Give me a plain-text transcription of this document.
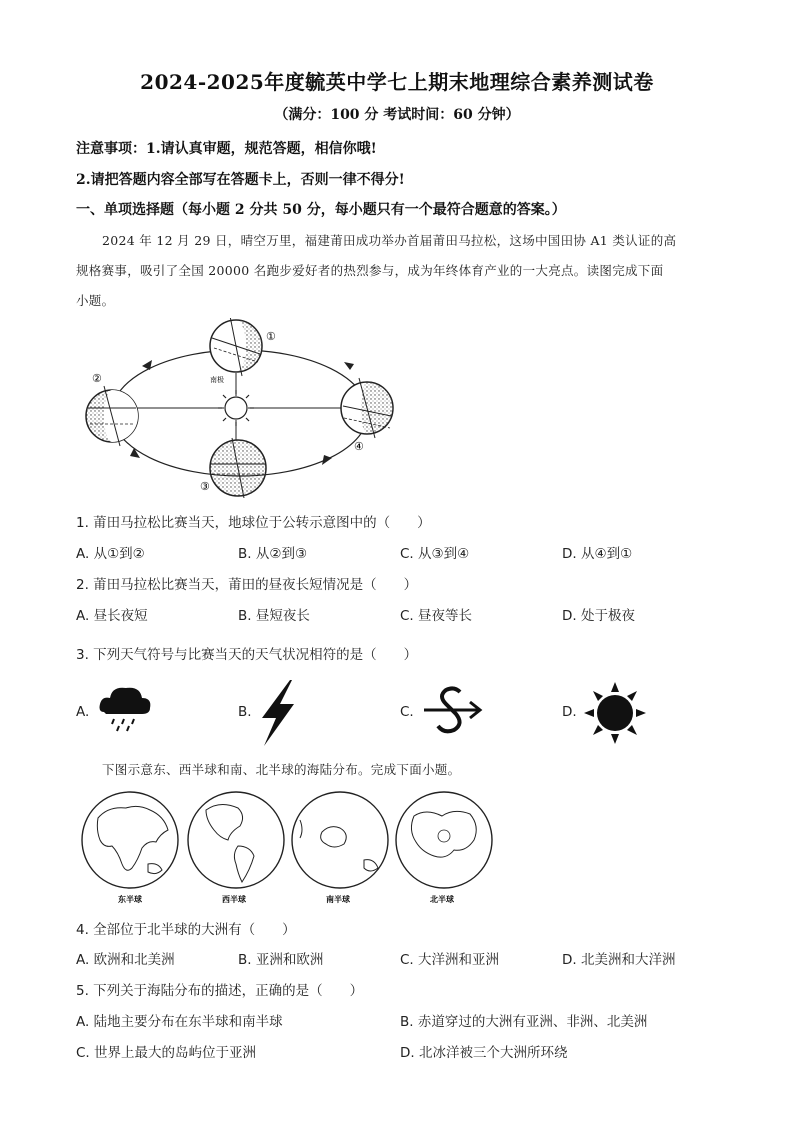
2024-2025年度毓英中学七上期末地理综合素养测试卷
（满分：100 分 考试时间：60 分钟）
注意事项：1.请认真审题，规范答题，相信你哦!
2.请把答题内容全部写在答题卡上，否则一律不得分!
一、单项选择题（每小题 2 分共 50 分，每小题只有一个最符合题意的答案。）
2024 年 12 月 29 日，晴空万里，福建莆田成功举办首届莆田马拉松，这场中国田协 A1 类认证的高
规格赛事，吸引了全国 20000 名跑步爱好者的热烈参与，成为年终体育产业的一大亮点。读图完成下面
小题。
①
南极
②
④
③
1. 莆田马拉松比赛当天，地球位于公转示意图中的（　　）
A. 从①到②	B. 从②到③	C. 从③到④	D. 从④到①
2. 莆田马拉松比赛当天，莆田的昼夜长短情况是（　　）
A. 昼长夜短	B. 昼短夜长	C. 昼夜等长	D. 处于极夜
3. 下列天气符号与比赛当天的天气状况相符的是（　　）
A.	B.	C.	D.
下图示意东、西半球和南、北半球的海陆分布。完成下面小题。
东半球	西半球	南半球	北半球
4. 全部位于北半球的大洲有（　　）
A. 欧洲和北美洲	B. 亚洲和欧洲	C. 大洋洲和亚洲	D. 北美洲和大洋洲
5. 下列关于海陆分布的描述，正确的是（　　）
A. 陆地主要分布在东半球和南半球	B. 赤道穿过的大洲有亚洲、非洲、北美洲
C. 世界上最大的岛屿位于亚洲	D. 北冰洋被三个大洲所环绕
